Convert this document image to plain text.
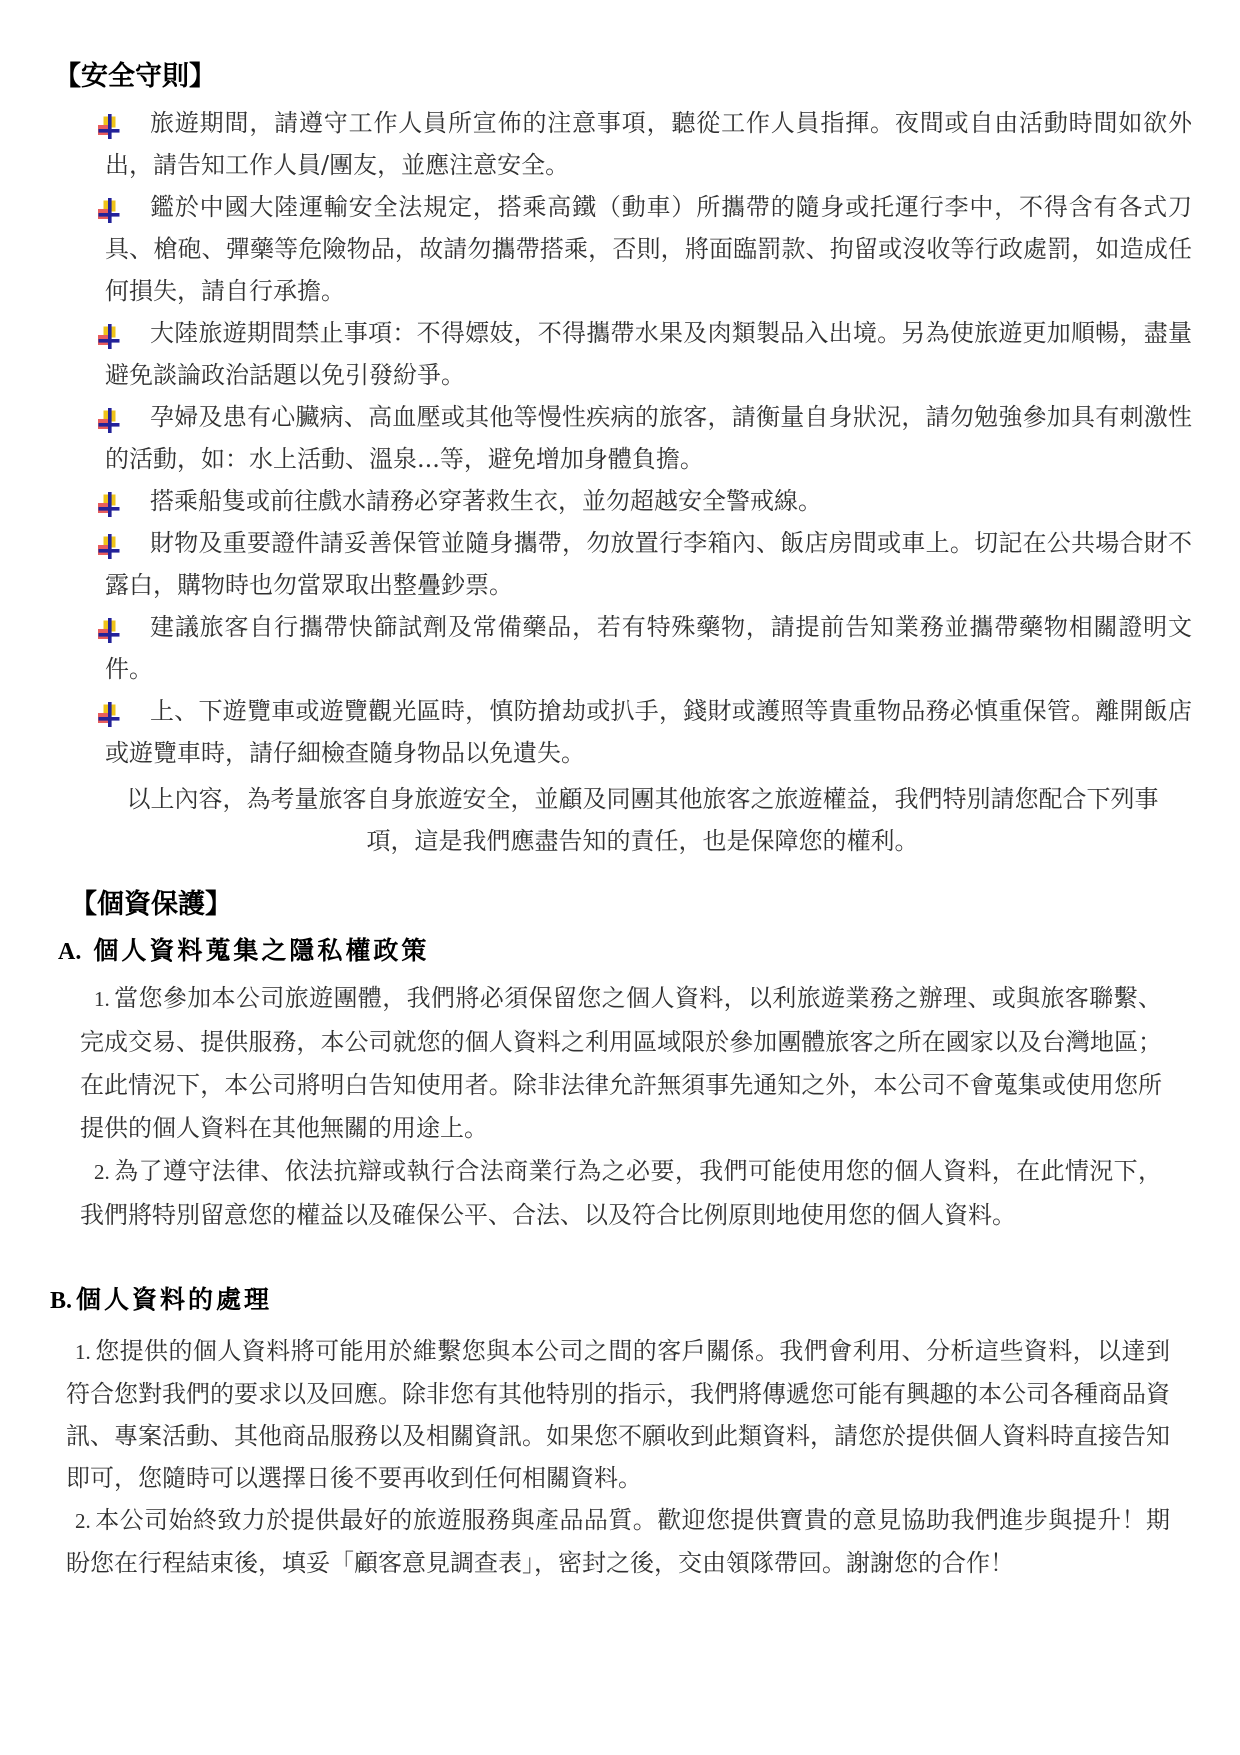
【安全守則】
旅遊期間，請遵守工作人員所宣佈的注意事項，聽從工作人員指揮。夜間或自由活動時間如欲外出，請告知工作人員/團友，並應注意安全。
鑑於中國大陸運輸安全法規定，搭乘高鐵（動車）所攜帶的隨身或托運行李中，不得含有各式刀具、槍砲、彈藥等危險物品，故請勿攜帶搭乘，否則，將面臨罰款、拘留或沒收等行政處罰，如造成任何損失，請自行承擔。
大陸旅遊期間禁止事項：不得嫖妓，不得攜帶水果及肉類製品入出境。另為使旅遊更加順暢，盡量避免談論政治話題以免引發紛爭。
孕婦及患有心臟病、高血壓或其他等慢性疾病的旅客，請衡量自身狀況，請勿勉強參加具有刺激性的活動，如：水上活動、溫泉...等，避免增加身體負擔。
搭乘船隻或前往戲水請務必穿著救生衣，並勿超越安全警戒線。
財物及重要證件請妥善保管並隨身攜帶，勿放置行李箱內、飯店房間或車上。切記在公共場合財不露白，購物時也勿當眾取出整疊鈔票。
建議旅客自行攜帶快篩試劑及常備藥品，若有特殊藥物，請提前告知業務並攜帶藥物相關證明文件。
上、下遊覽車或遊覽觀光區時，慎防搶劫或扒手，錢財或護照等貴重物品務必慎重保管。離開飯店或遊覽車時，請仔細檢查隨身物品以免遺失。

以上內容，為考量旅客自身旅遊安全，並顧及同團其他旅客之旅遊權益，我們特別請您配合下列事項，這是我們應盡告知的責任，也是保障您的權利。

【個資保護】
A. 個人資料蒐集之隱私權政策

1. 當您參加本公司旅遊團體，我們將必須保留您之個人資料，以利旅遊業務之辦理、或與旅客聯繫、完成交易、提供服務，本公司就您的個人資料之利用區域限於參加團體旅客之所在國家以及台灣地區；在此情況下，本公司將明白告知使用者。除非法律允許無須事先通知之外，本公司不會蒐集或使用您所提供的個人資料在其他無關的用途上。

2. 為了遵守法律、依法抗辯或執行合法商業行為之必要，我們可能使用您的個人資料，在此情況下，我們將特別留意您的權益以及確保公平、合法、以及符合比例原則地使用您的個人資料。

B. 個人資料的處理

1. 您提供的個人資料將可能用於維繫您與本公司之間的客戶關係。我們會利用、分析這些資料，以達到符合您對我們的要求以及回應。除非您有其他特別的指示，我們將傳遞您可能有興趣的本公司各種商品資訊、專案活動、其他商品服務以及相關資訊。如果您不願收到此類資料，請您於提供個人資料時直接告知即可，您隨時可以選擇日後不要再收到任何相關資料。

2. 本公司始終致力於提供最好的旅遊服務與產品品質。歡迎您提供寶貴的意見協助我們進步與提升！期盼您在行程結束後，填妥「顧客意見調查表」，密封之後，交由領隊帶回。謝謝您的合作！
